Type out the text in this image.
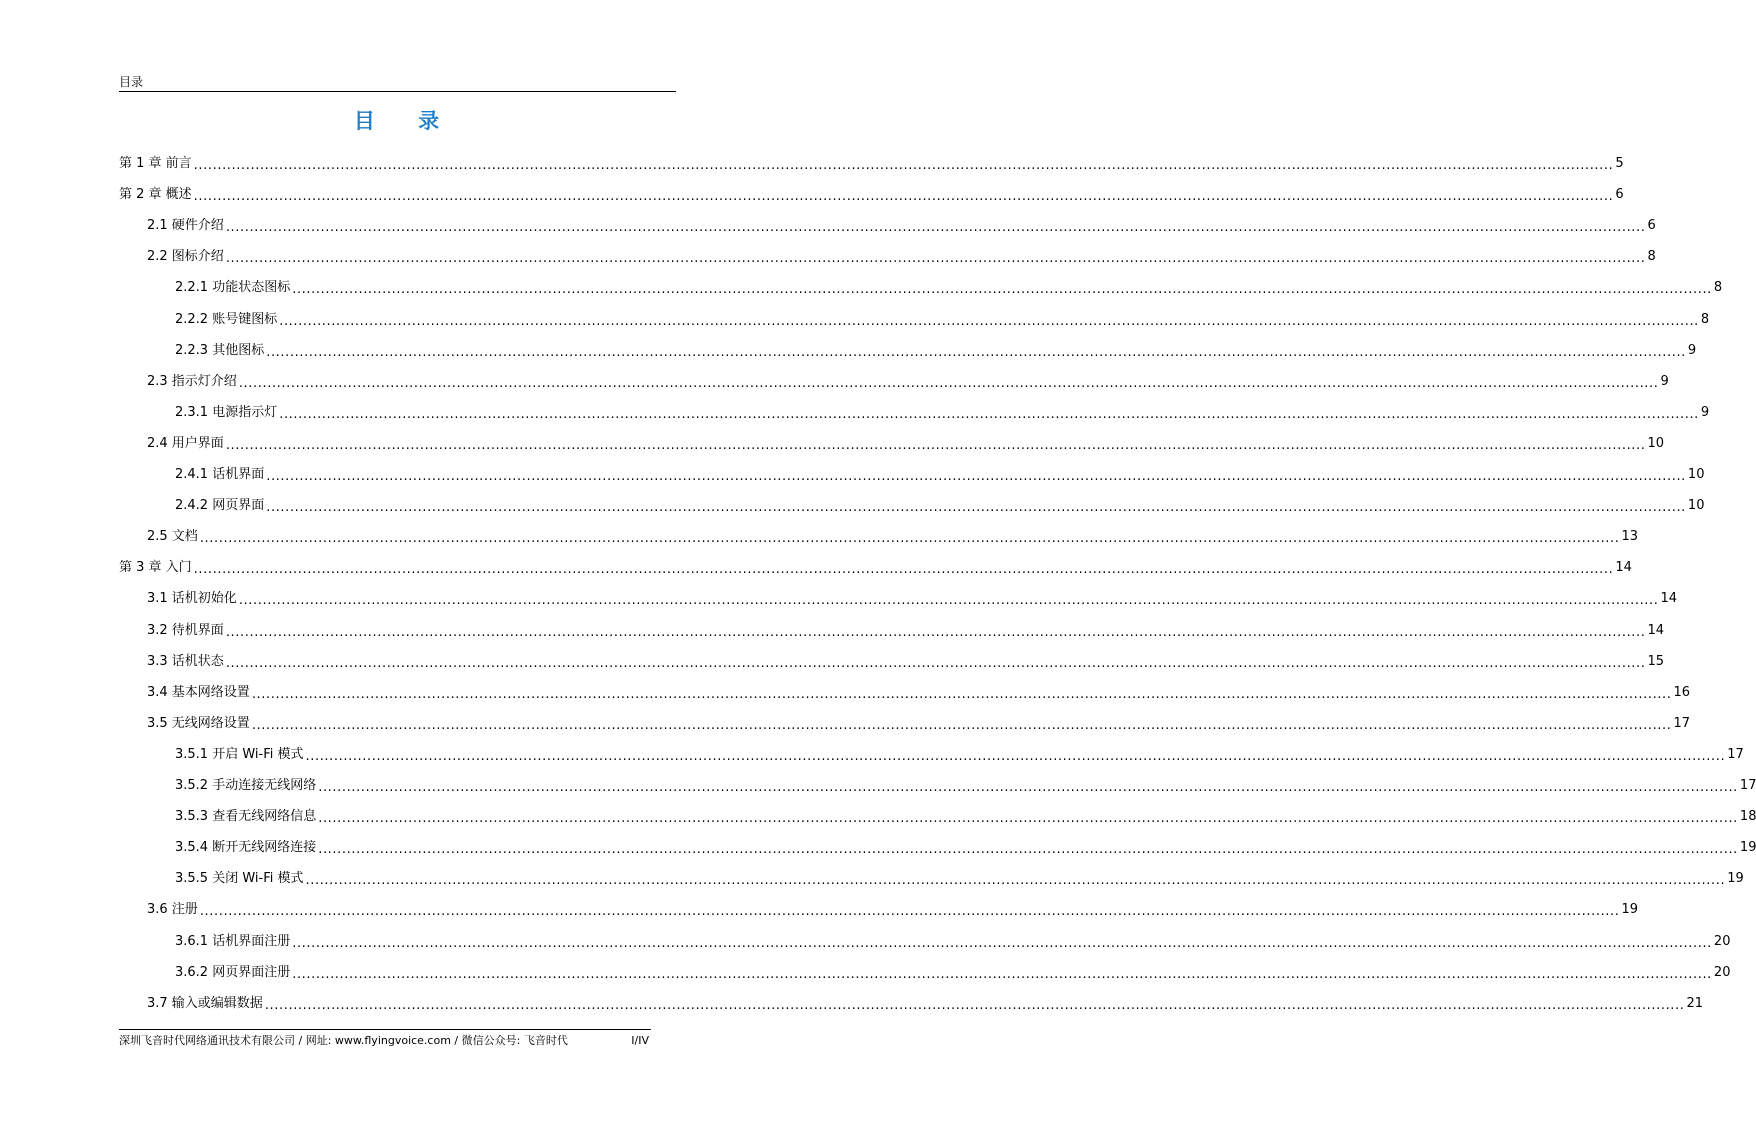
目录
目 录
第 1 章 前言 ............................................................................................................................................................................................................................................................................................................ 5
第 2 章 概述 ............................................................................................................................................................................................................................................................................................................ 6
2.1 硬件介绍 ............................................................................................................................................................................................................................................................................................................ 6
2.2 图标介绍 ............................................................................................................................................................................................................................................................................................................ 8
2.2.1 功能状态图标 ............................................................................................................................................................................................................................................................................................................ 8
2.2.2 账号键图标 ............................................................................................................................................................................................................................................................................................................ 8
2.2.3 其他图标 ............................................................................................................................................................................................................................................................................................................ 9
2.3 指示灯介绍 ............................................................................................................................................................................................................................................................................................................ 9
2.3.1 电源指示灯 ............................................................................................................................................................................................................................................................................................................ 9
2.4 用户界面 ............................................................................................................................................................................................................................................................................................................ 10
2.4.1 话机界面 ............................................................................................................................................................................................................................................................................................................ 10
2.4.2 网页界面 ............................................................................................................................................................................................................................................................................................................ 10
2.5 文档 ............................................................................................................................................................................................................................................................................................................ 13
第 3 章 入门 ............................................................................................................................................................................................................................................................................................................ 14
3.1 话机初始化 ............................................................................................................................................................................................................................................................................................................ 14
3.2 待机界面 ............................................................................................................................................................................................................................................................................................................ 14
3.3 话机状态 ............................................................................................................................................................................................................................................................................................................ 15
3.4 基本网络设置 ............................................................................................................................................................................................................................................................................................................ 16
3.5 无线网络设置 ............................................................................................................................................................................................................................................................................................................ 17
3.5.1 开启 Wi-Fi 模式 ............................................................................................................................................................................................................................................................................................................ 17
3.5.2 手动连接无线网络 ............................................................................................................................................................................................................................................................................................................ 17
3.5.3 查看无线网络信息 ............................................................................................................................................................................................................................................................................................................ 18
3.5.4 断开无线网络连接 ............................................................................................................................................................................................................................................................................................................ 19
3.5.5 关闭 Wi-Fi 模式 ............................................................................................................................................................................................................................................................................................................ 19
3.6 注册 ............................................................................................................................................................................................................................................................................................................ 19
3.6.1 话机界面注册 ............................................................................................................................................................................................................................................................................................................ 20
3.6.2 网页界面注册 ............................................................................................................................................................................................................................................................................................................ 20
3.7 输入或编辑数据 ............................................................................................................................................................................................................................................................................................................ 21
深圳飞音时代网络通讯技术有限公司 / 网址: www.flyingvoice.com / 微信公众号: 飞音时代	I/IV
